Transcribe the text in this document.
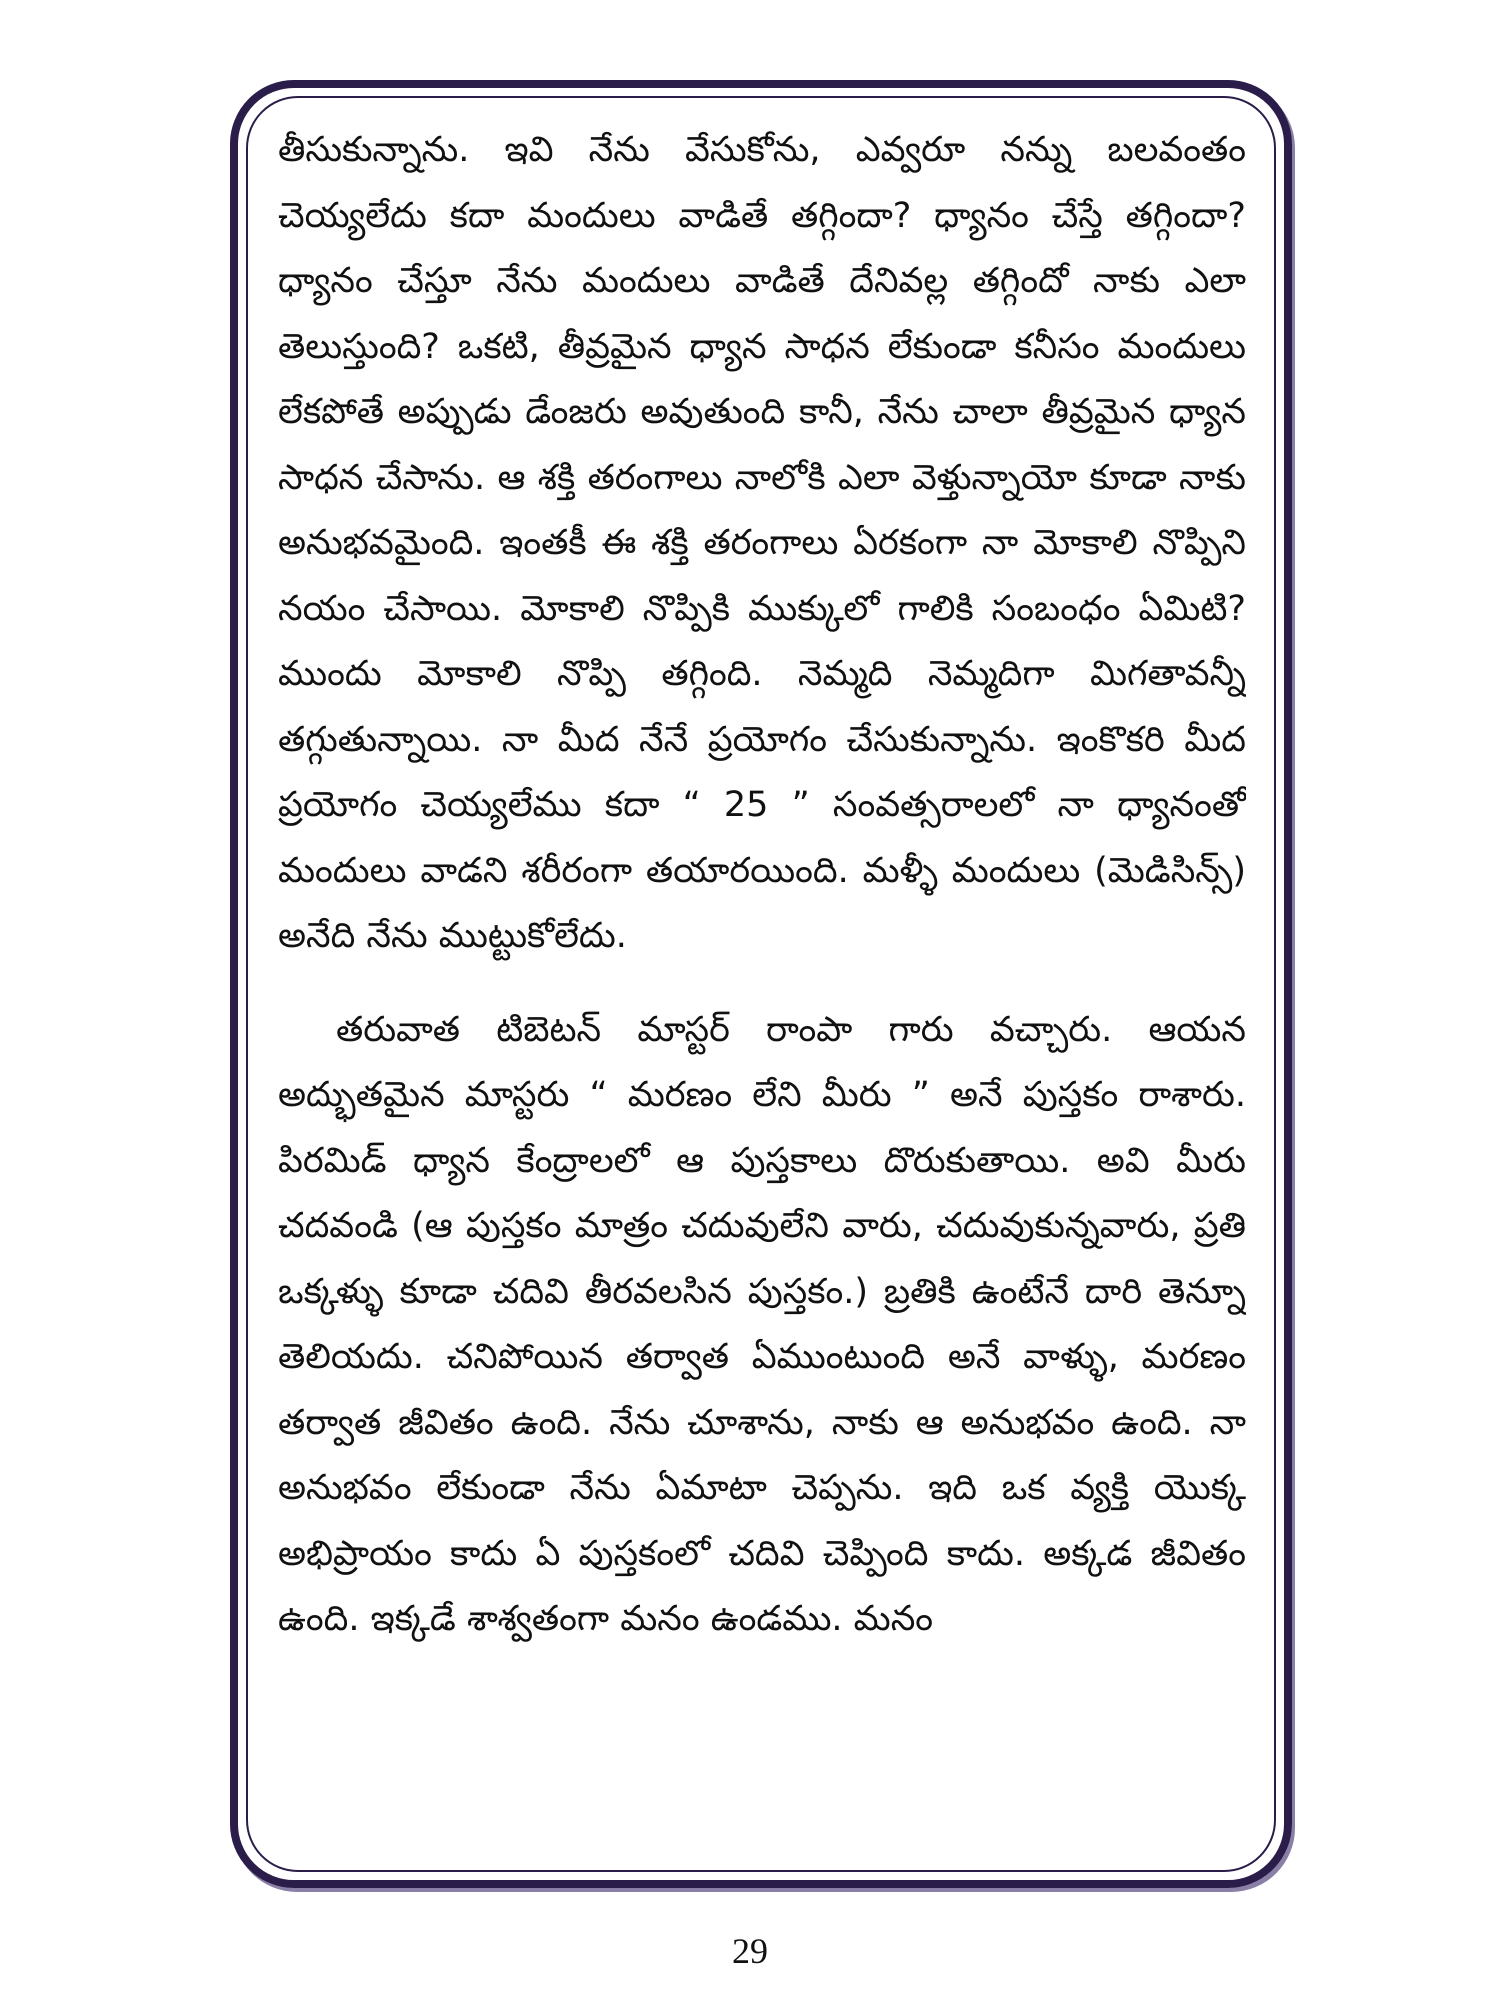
తీసుకున్నాను. ఇవి నేను వేసుకోను, ఎవ్వరూ నన్ను బలవంతం చెయ్యలేదు కదా మందులు వాడితే తగ్గిందా? ధ్యానం చేస్తే తగ్గిందా? ధ్యానం చేస్తూ నేను మందులు వాడితే దేనివల్ల తగ్గిందో నాకు ఎలా తెలుస్తుంది? ఒకటి, తీవ్రమైన ధ్యాన సాధన లేకుండా కనీసం మందులు లేకపోతే అప్పుడు డేంజరు అవుతుంది కానీ, నేను చాలా తీవ్రమైన ధ్యాన సాధన చేసాను. ఆ శక్తి తరంగాలు నాలోకి ఎలా వెళ్తున్నాయో కూడా నాకు అనుభవమైంది. ఇంతకీ ఈ శక్తి తరంగాలు ఏరకంగా నా మోకాలి నొప్పిని నయం చేసాయి. మోకాలి నొప్పికి ముక్కులో గాలికి సంబంధం ఏమిటి? ముందు మోకాలి నొప్పి తగ్గింది. నెమ్మది నెమ్మదిగా మిగతావన్నీ తగ్గుతున్నాయి. నా మీద నేనే ప్రయోగం చేసుకున్నాను. ఇంకొకరి మీద ప్రయోగం చెయ్యలేము కదా “ 25 ” సంవత్సరాలలో నా ధ్యానంతో మందులు వాడని శరీరంగా తయారయింది. మళ్ళీ మందులు (మెడిసిన్స్) అనేది నేను ముట్టుకోలేదు.

తరువాత టిబెటన్ మాస్టర్ రాంపా గారు వచ్చారు. ఆయన అద్భుతమైన మాస్టరు “ మరణం లేని మీరు ” అనే పుస్తకం రాశారు. పిరమిడ్ ధ్యాన కేంద్రాలలో ఆ పుస్తకాలు దొరుకుతాయి. అవి మీరు చదవండి (ఆ పుస్తకం మాత్రం చదువులేని వారు, చదువుకున్నవారు, ప్రతి ఒక్కళ్ళు కూడా చదివి తీరవలసిన పుస్తకం.) బ్రతికి ఉంటేనే దారి తెన్నూ తెలియదు. చనిపోయిన తర్వాత ఏముంటుంది అనే వాళ్ళు, మరణం తర్వాత జీవితం ఉంది. నేను చూశాను, నాకు ఆ అనుభవం ఉంది. నా అనుభవం లేకుండా నేను ఏమాటా చెప్పను. ఇది ఒక వ్యక్తి యొక్క అభిప్రాయం కాదు ఏ పుస్తకంలో చదివి చెప్పింది కాదు. అక్కడ జీవితం ఉంది. ఇక్కడే శాశ్వతంగా మనం ఉండము. మనం

29
